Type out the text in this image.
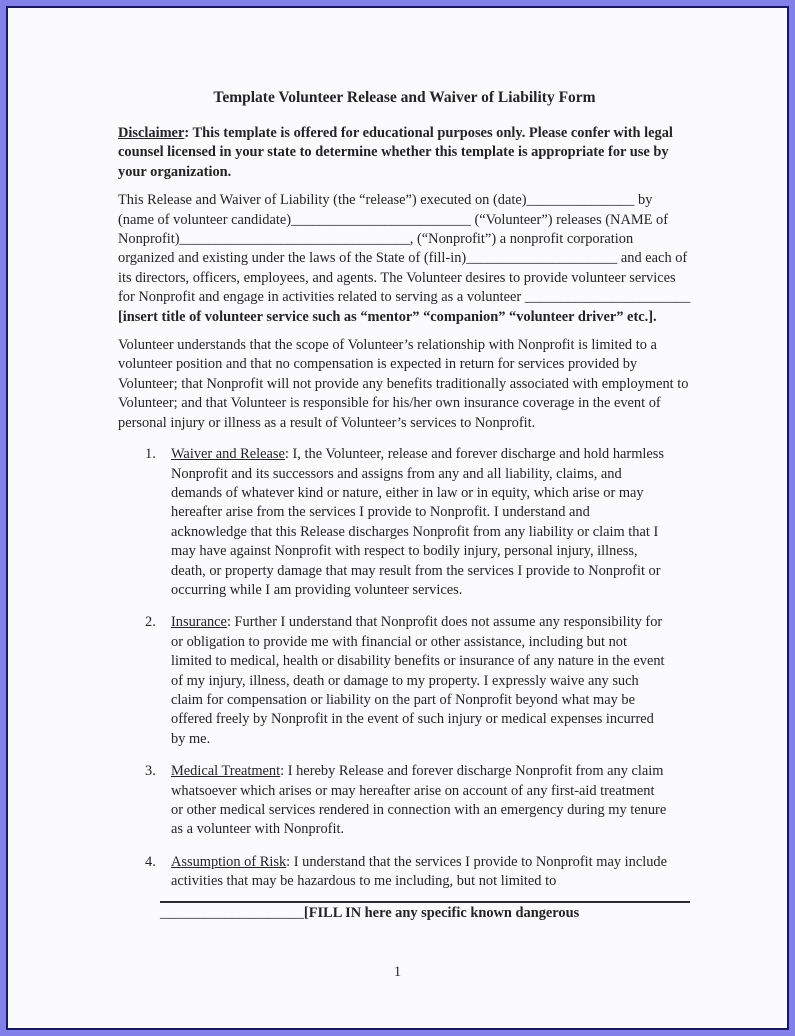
Template Volunteer Release and Waiver of Liability Form

Disclaimer: This template is offered for educational purposes only. Please confer with legal counsel licensed in your state to determine whether this template is appropriate for use by your organization.

This Release and Waiver of Liability (the “release”) executed on (date)_______________ by (name of volunteer candidate)_________________________ (“Volunteer”) releases (NAME of Nonprofit)________________________________, (“Nonprofit”) a nonprofit corporation organized and existing under the laws of the State of (fill-in)_____________________ and each of its directors, officers, employees, and agents. The Volunteer desires to provide volunteer services for Nonprofit and engage in activities related to serving as a volunteer _______________________ [insert title of volunteer service such as “mentor” “companion” “volunteer driver” etc.].

Volunteer understands that the scope of Volunteer’s relationship with Nonprofit is limited to a volunteer position and that no compensation is expected in return for services provided by Volunteer; that Nonprofit will not provide any benefits traditionally associated with employment to Volunteer; and that Volunteer is responsible for his/her own insurance coverage in the event of personal injury or illness as a result of Volunteer’s services to Nonprofit.

1.	Waiver and Release: I, the Volunteer, release and forever discharge and hold harmless Nonprofit and its successors and assigns from any and all liability, claims, and demands of whatever kind or nature, either in law or in equity, which arise or may hereafter arise from the services I provide to Nonprofit. I understand and acknowledge that this Release discharges Nonprofit from any liability or claim that I may have against Nonprofit with respect to bodily injury, personal injury, illness, death, or property damage that may result from the services I provide to Nonprofit or occurring while I am providing volunteer services.
2.	Insurance: Further I understand that Nonprofit does not assume any responsibility for or obligation to provide me with financial or other assistance, including but not limited to medical, health or disability benefits or insurance of any nature in the event of my injury, illness, death or damage to my property. I expressly waive any such claim for compensation or liability on the part of Nonprofit beyond what may be offered freely by Nonprofit in the event of such injury or medical expenses incurred by me.
3.	Medical Treatment: I hereby Release and forever discharge Nonprofit from any claim whatsoever which arises or may hereafter arise on account of any first-aid treatment or other medical services rendered in connection with an emergency during my tenure as a volunteer with Nonprofit.
4.	Assumption of Risk: I understand that the services I provide to Nonprofit may include activities that may be hazardous to me including, but not limited to
____________________[FILL IN here any specific known dangerous
1
